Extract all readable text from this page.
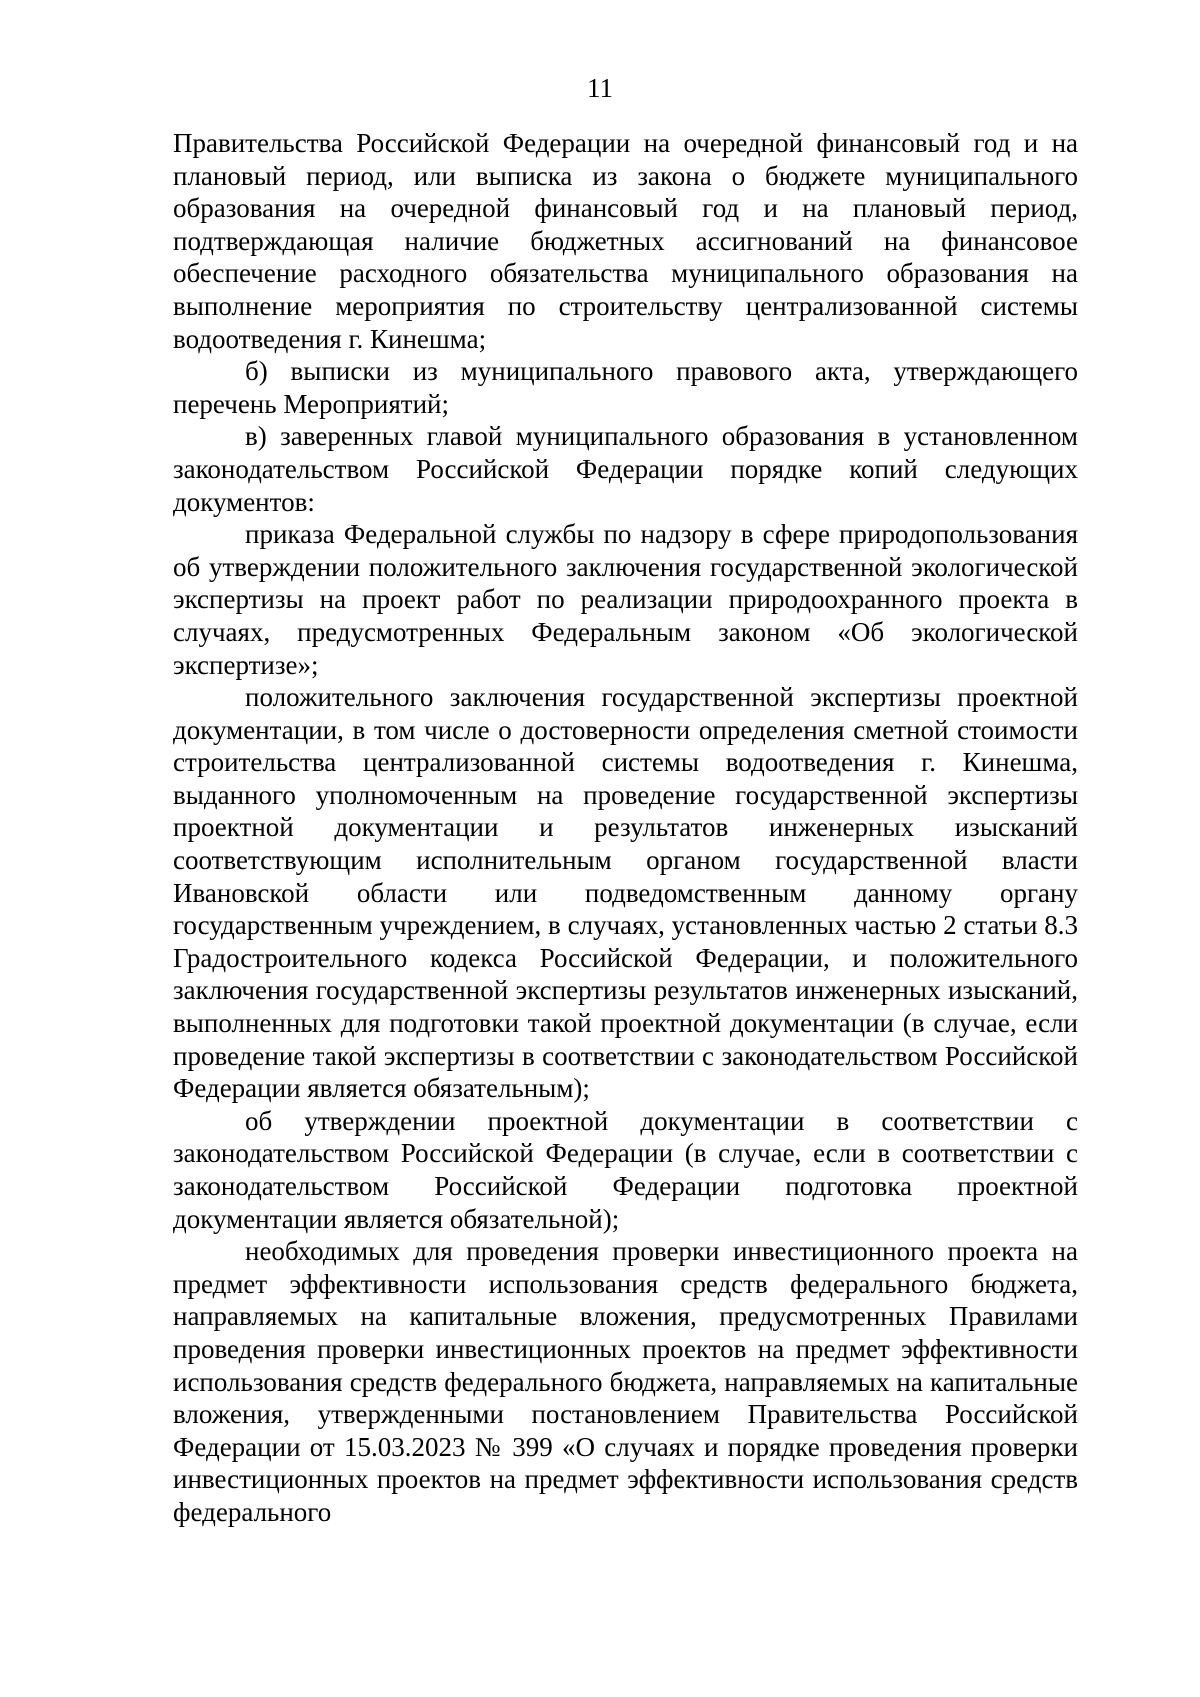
11

Правительства Российской Федерации на очередной финансовый год и на плановый период, или выписка из закона о бюджете муниципального образования на очередной финансовый год и на плановый период, подтверждающая наличие бюджетных ассигнований на финансовое обеспечение расходного обязательства муниципального образования на выполнение мероприятия по строительству централизованной системы водоотведения г. Кинешма;

б) выписки из муниципального правового акта, утверждающего перечень Мероприятий;

в) заверенных главой муниципального образования в установленном законодательством Российской Федерации порядке копий следующих документов:

приказа Федеральной службы по надзору в сфере природопользования об утверждении положительного заключения государственной экологической экспертизы на проект работ по реализации природоохранного проекта в случаях, предусмотренных Федеральным законом «Об экологической экспертизе»;

положительного заключения государственной экспертизы проектной документации, в том числе о достоверности определения сметной стоимости строительства централизованной системы водоотведения г. Кинешма, выданного уполномоченным на проведение государственной экспертизы проектной документации и результатов инженерных изысканий соответствующим исполнительным органом государственной власти Ивановской области или подведомственным данному органу государственным учреждением, в случаях, установленных частью 2 статьи 8.3 Градостроительного кодекса Российской Федерации, и положительного заключения государственной экспертизы результатов инженерных изысканий, выполненных для подготовки такой проектной документации (в случае, если проведение такой экспертизы в соответствии с законодательством Российской Федерации является обязательным);

об утверждении проектной документации в соответствии с законодательством Российской Федерации (в случае, если в соответствии с законодательством Российской Федерации подготовка проектной документации является обязательной);

необходимых для проведения проверки инвестиционного проекта на предмет эффективности использования средств федерального бюджета, направляемых на капитальные вложения, предусмотренных Правилами проведения проверки инвестиционных проектов на предмет эффективности использования средств федерального бюджета, направляемых на капитальные вложения, утвержденными постановлением Правительства Российской Федерации от 15.03.2023 № 399 «О случаях и порядке проведения проверки инвестиционных проектов на предмет эффективности использования средств федерального
